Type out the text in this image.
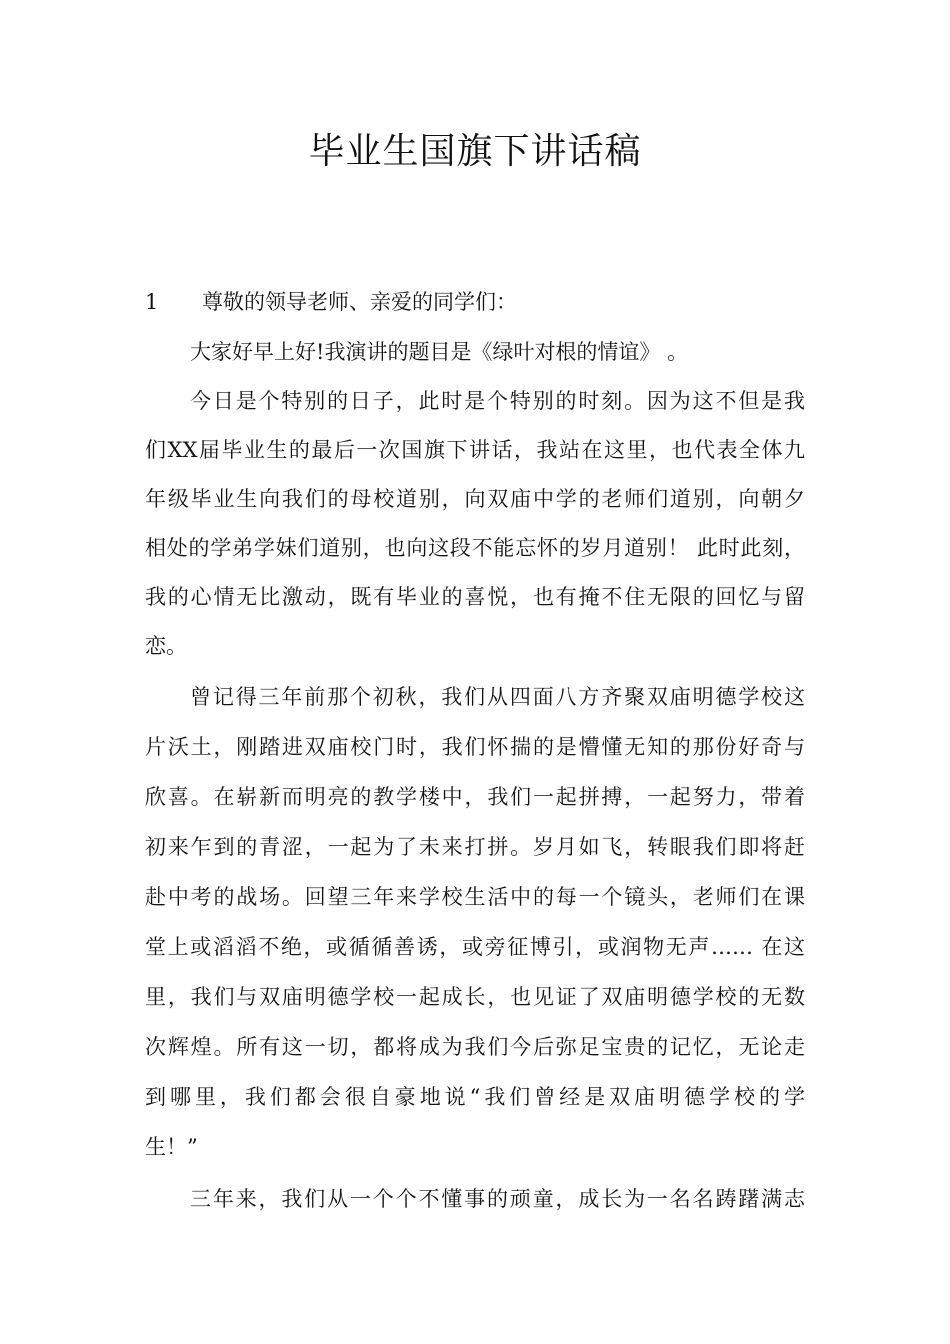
毕业生国旗下讲话稿
1 尊敬的领导老师、亲爱的同学们：
大家好早上好!我演讲的题目是《绿叶对根的情谊》 。
今日是个特别的日子，此时是个特别的时刻。因为这不但是我
们XX届毕业生的最后一次国旗下讲话，我站在这里，也代表全体九
年级毕业生向我们的母校道别，向双庙中学的老师们道别，向朝夕
相处的学弟学妹们道别，也向这段不能忘怀的岁月道别！ 此时此刻，
我的心情无比激动，既有毕业的喜悦，也有掩不住无限的回忆与留
恋。
曾记得三年前那个初秋，我们从四面八方齐聚双庙明德学校这
片沃土，刚踏进双庙校门时，我们怀揣的是懵懂无知的那份好奇与
欣喜。在崭新而明亮的教学楼中，我们一起拼搏，一起努力，带着
初来乍到的青涩，一起为了未来打拼。岁月如飞，转眼我们即将赶
赴中考的战场。回望三年来学校生活中的每一个镜头，老师们在课
堂上或滔滔不绝，或循循善诱，或旁征博引，或润物无声…… 在这
里，我们与双庙明德学校一起成长，也见证了双庙明德学校的无数
次辉煌。所有这一切，都将成为我们今后弥足宝贵的记忆，无论走
到哪里，我们都会很自豪地说“我们曾经是双庙明德学校的学
生！”
三年来，我们从一个个不懂事的顽童，成长为一名名踌躇满志
